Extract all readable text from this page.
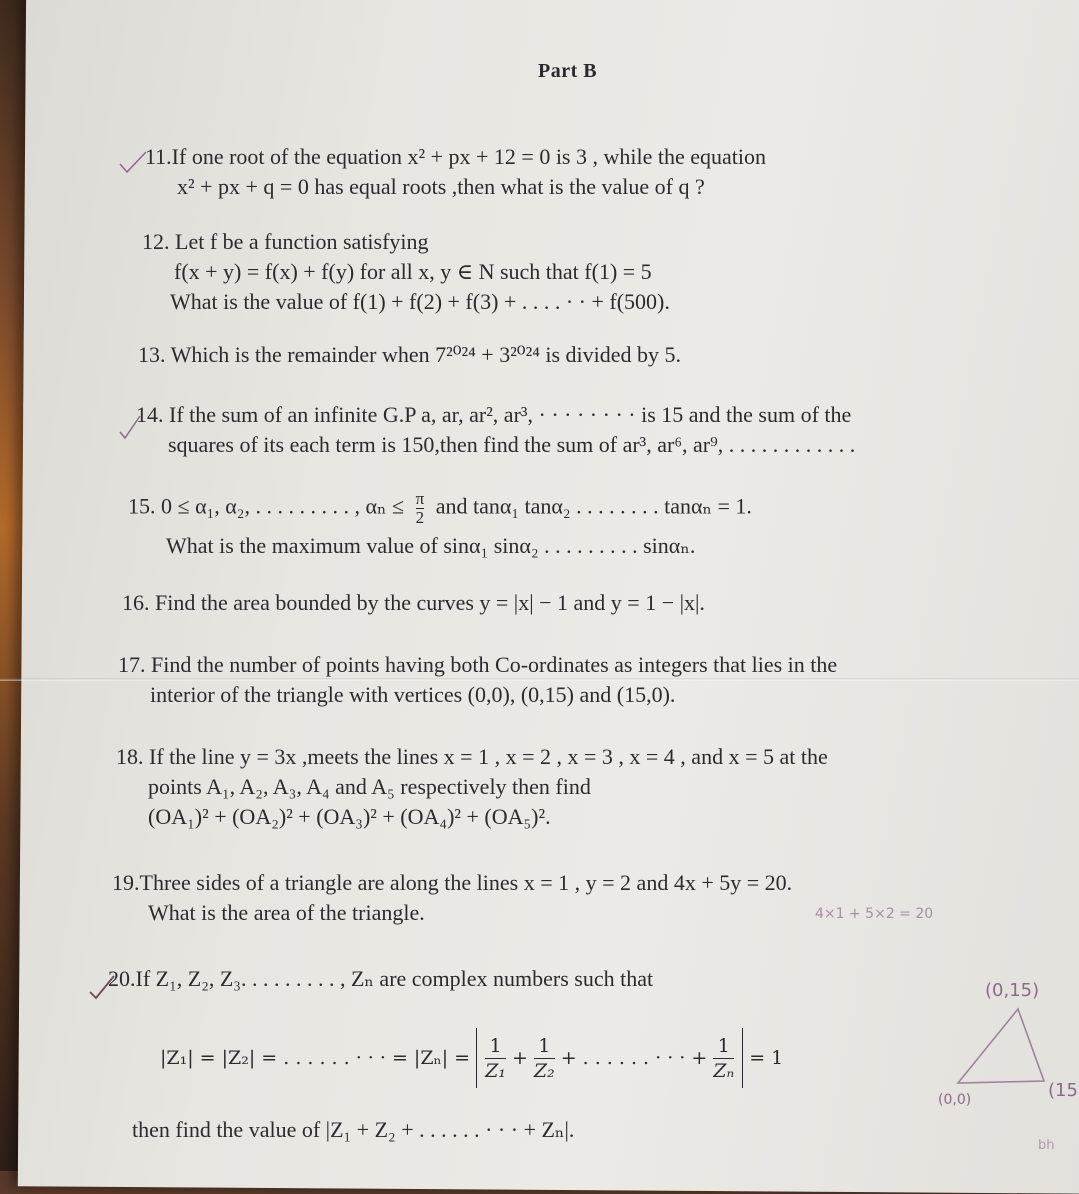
Part B
11.If one root of the equation x² + px + 12 = 0 is 3 , while the equation
x² + px + q = 0 has equal roots ,then what is the value of q ?
12. Let f be a function satisfying
f(x + y) = f(x) + f(y) for all x, y ∈ N such that f(1) = 5
What is the value of f(1) + f(2) + f(3) + . . . . · · + f(500).
13. Which is the remainder when 7²⁰²⁴ + 3²⁰²⁴ is divided by 5.
14. If the sum of an infinite G.P a, ar, ar², ar³, · · · · · · · · is 15 and the sum of the
squares of its each term is 150,then find the sum of ar³, ar⁶, ar⁹, . . . . . . . . . . . .
15. 0 ≤ α₁, α₂, . . . . . . . . . , $\alpha_n \le \frac{\pi}{2}$ and tanα₁ tanα₂ . . . . . . . . tanαₙ = 1.
What is the maximum value of sinα₁ sinα₂ . . . . . . . . . sinαₙ.
16. Find the area bounded by the curves y = |x| − 1 and y = 1 − |x|.
17. Find the number of points having both Co-ordinates as integers that lies in the
interior of the triangle with vertices (0,0), (0,15) and (15,0).
18. If the line y = 3x ,meets the lines x = 1 , x = 2 , x = 3 , x = 4 , and x = 5 at the
points A₁, A₂, A₃, A₄ and A₅ respectively then find
(OA₁)² + (OA₂)² + (OA₃)² + (OA₄)² + (OA₅)².
19.Three sides of a triangle are along the lines x = 1 , y = 2 and 4x + 5y = 20.
What is the area of the triangle.	4×1 + 5×2 = 20
20.If Z₁, Z₂, Z₃. . . . . . . . . , Zₙ are complex numbers such that
|Z₁| = |Z₂| = . . . . . . · · · = $|Z_n| = \frac{1}{\text{Z₁}} + \frac{1}{\text{Z₂}}$ + . . . . . . · · · + $\frac{1}{\text{Zₙ}} = 1$
then find the value of |Z₁ + Z₂ + . . . . . . · · · + Zₙ|.
(0,15)
(0,0)	(15
bh
